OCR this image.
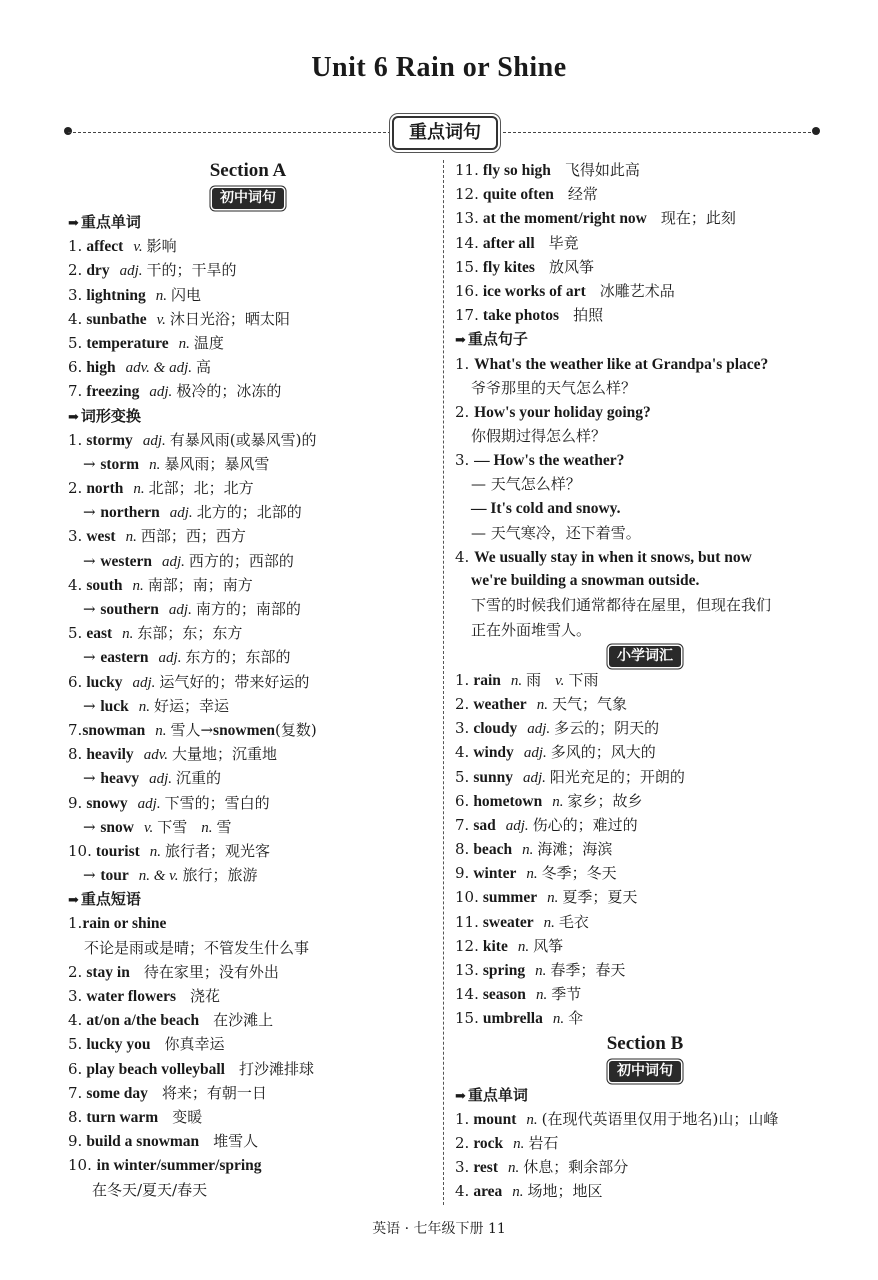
Unit 6 Rain or Shine
重点词句
Section A
初中词句
➡ 重点单词
1. affect v. 影响
2. dry adj. 干的；干旱的
3. lightning n. 闪电
4. sunbathe v. 沐日光浴；晒太阳
5. temperature n. 温度
6. high adv. & adj. 高
7. freezing adj. 极冷的；冰冻的
➡ 词形变换
1. stormy adj. 有暴风雨(或暴风雪)的
→ storm n. 暴风雨；暴风雪
2. north n. 北部；北；北方
→ northern adj. 北方的；北部的
3. west n. 西部；西；西方
→ western adj. 西方的；西部的
4. south n. 南部；南；南方
→ southern adj. 南方的；南部的
5. east n. 东部；东；东方
→ eastern adj. 东方的；东部的
6. lucky adj. 运气好的；带来好运的
→ luck n. 好运；幸运
7.snowman n. 雪人→snowmen(复数)
8. heavily adv. 大量地；沉重地
→ heavy adj. 沉重的
9. snowy adj. 下雪的；雪白的
→ snow v. 下雪 n. 雪
10. tourist n. 旅行者；观光客
→ tour n. & v. 旅行；旅游
➡ 重点短语
1.rain or shine
不论是雨或是晴；不管发生什么事
2. stay in 待在家里；没有外出
3. water flowers 浇花
4. at/on a/the beach 在沙滩上
5. lucky you 你真幸运
6. play beach volleyball 打沙滩排球
7. some day 将来；有朝一日
8. turn warm 变暖
9. build a snowman 堆雪人
10. in winter/summer/spring
在冬天/夏天/春天
11. fly so high 飞得如此高
12. quite often 经常
13. at the moment/right now 现在；此刻
14. after all 毕竟
15. fly kites 放风筝
16. ice works of art 冰雕艺术品
17. take photos 拍照
➡ 重点句子
1. What's the weather like at Grandpa's place?
爷爷那里的天气怎么样？
2. How's your holiday going?
你假期过得怎么样？
3. — How's the weather?
— 天气怎么样？
— It's cold and snowy.
— 天气寒冷，还下着雪。
4. We usually stay in when it snows, but now
we're building a snowman outside.
下雪的时候我们通常都待在屋里，但现在我们
正在外面堆雪人。
小学词汇
1. rain n. 雨 v. 下雨
2. weather n. 天气；气象
3. cloudy adj. 多云的；阴天的
4. windy adj. 多风的；风大的
5. sunny adj. 阳光充足的；开朗的
6. hometown n. 家乡；故乡
7. sad adj. 伤心的；难过的
8. beach n. 海滩；海滨
9. winter n. 冬季；冬天
10. summer n. 夏季；夏天
11. sweater n. 毛衣
12. kite n. 风筝
13. spring n. 春季；春天
14. season n. 季节
15. umbrella n. 伞
Section B
初中词句
➡ 重点单词
1. mount n. (在现代英语里仅用于地名)山；山峰
2. rock n. 岩石
3. rest n. 休息；剩余部分
4. area n. 场地；地区
英语 · 七年级下册 11
